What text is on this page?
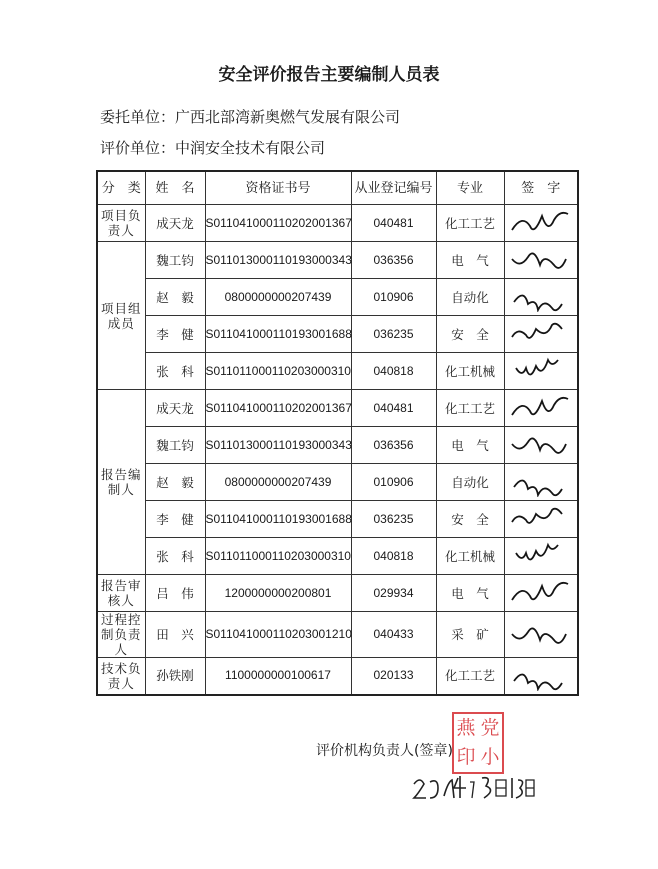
安全评价报告主要编制人员表
委托单位：广西北部湾新奥燃气发展有限公司
评价单位：中润安全技术有限公司
分　类	姓　名	资格证书号	从业登记编号	专业	签　字
项目负责人	成天龙	S011041000110202001367	040481	化工工艺	

项目组成员	魏工钧	S011013000110193000343	036356	电　气	

	赵　毅	0800000000207439	010906	自动化	

	李　健	S011041000110193001688	036235	安　全	

	张　科	S011011000110203000310	040818	化工机械	

报告编制人	成天龙	S011041000110202001367	040481	化工工艺	

	魏工钧	S011013000110193000343	036356	电　气	

	赵　毅	0800000000207439	010906	自动化	

	李　健	S011041000110193001688	036235	安　全	

	张　科	S011011000110203000310	040818	化工机械	

报告审核人	吕　伟	1200000000200801	029934	电　气	

过程控制负责人	田　兴	S011041000110203001210	040433	采　矿	

技术负责人	孙铁刚	1100000000100617	020133	化工工艺	
评价机构负责人(签章)
燕 党
印 小
